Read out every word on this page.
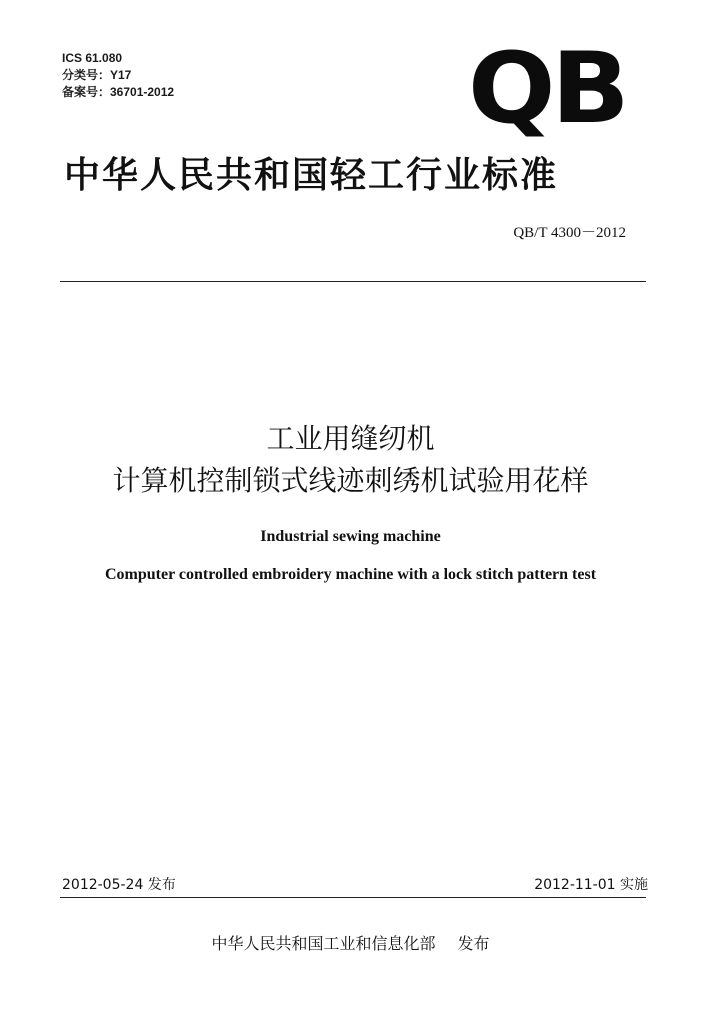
ICS 61.080
分类号：Y17
备案号：36701-2012	QB
中华人民共和国轻工行业标准
QB/T 4300－2012
工业用缝纫机
计算机控制锁式线迹刺绣机试验用花样
Industrial sewing machine
Computer controlled embroidery machine with a lock stitch pattern test
2012-05-24 发布	2012-11-01 实施
中华人民共和国工业和信息化部 发布
